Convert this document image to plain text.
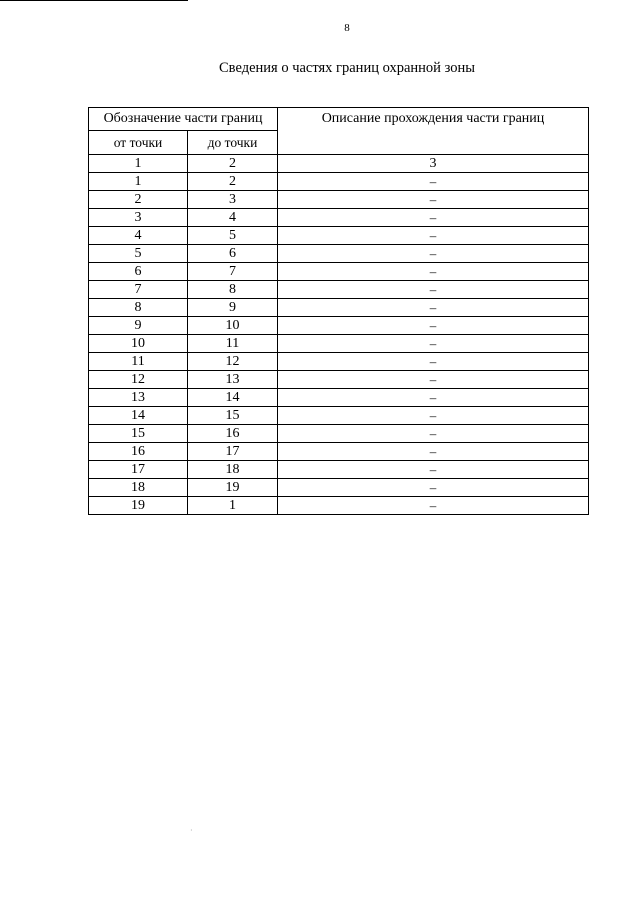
8
Сведения о частях границ охранной зоны
Обозначение части границ		Описание прохождения части границ
от точки	до точки	
1	2	3
1	2	–
2	3	–
3	4	–
4	5	–
5	6	–
6	7	–
7	8	–
8	9	–
9	10	–
10	11	–
11	12	–
12	13	–
13	14	–
14	15	–
15	16	–
16	17	–
17	18	–
18	19	–
19	1	–
·
